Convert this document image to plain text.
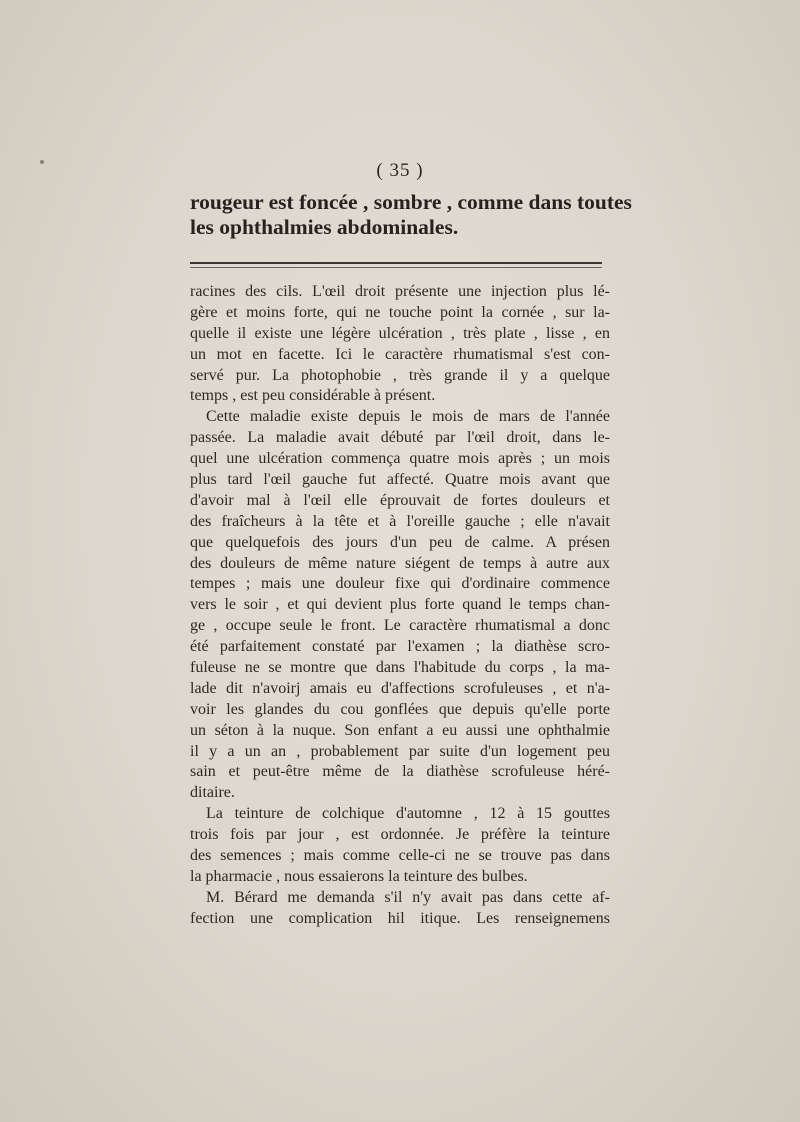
( 35 )
rougeur est foncée , sombre , comme dans toutes
les ophthalmies abdominales.
racines des cils. L'œil droit présente une injection plus lé-
gère et moins forte, qui ne touche point la cornée , sur la-
quelle il existe une légère ulcération , très plate , lisse , en
un mot en facette. Ici le caractère rhumatismal s'est con-
servé pur. La photophobie , très grande il y a quelque
temps , est peu considérable à présent.
Cette maladie existe depuis le mois de mars de l'année
passée. La maladie avait débuté par l'œil droit, dans le-
quel une ulcération commença quatre mois après ; un mois
plus tard l'œil gauche fut affecté. Quatre mois avant que
d'avoir mal à l'œil elle éprouvait de fortes douleurs et
des fraîcheurs à la tête et à l'oreille gauche ; elle n'avait
que quelquefois des jours d'un peu de calme. A présen
des douleurs de même nature siégent de temps à autre aux
tempes ; mais une douleur fixe qui d'ordinaire commence
vers le soir , et qui devient plus forte quand le temps chan-
ge , occupe seule le front. Le caractère rhumatismal a donc
été parfaitement constaté par l'examen ; la diathèse scro-
fuleuse ne se montre que dans l'habitude du corps , la ma-
lade dit n'avoirj amais eu d'affections scrofuleuses , et n'a-
voir les glandes du cou gonflées que depuis qu'elle porte
un séton à la nuque. Son enfant a eu aussi une ophthalmie
il y a un an , probablement par suite d'un logement peu
sain et peut-être même de la diathèse scrofuleuse héré-
ditaire.
La teinture de colchique d'automne , 12 à 15 gouttes
trois fois par jour , est ordonnée. Je préfère la teinture
des semences ; mais comme celle-ci ne se trouve pas dans
la pharmacie , nous essaierons la teinture des bulbes.
M. Bérard me demanda s'il n'y avait pas dans cette af-
fection une complication hil itique. Les renseignemens
